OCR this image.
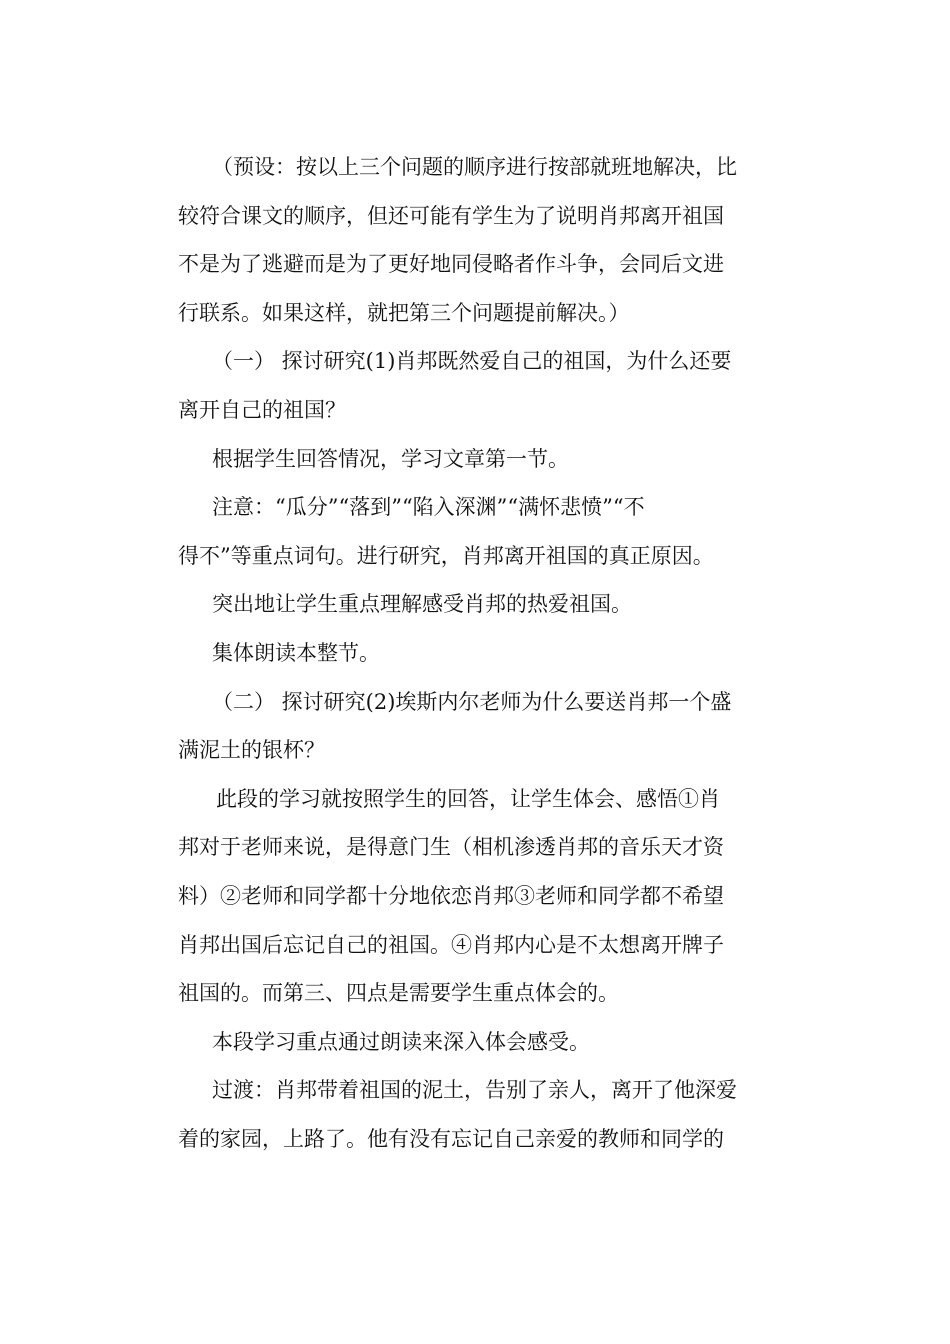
（预设：按以上三个问题的顺序进行按部就班地解决，比
较符合课文的顺序，但还可能有学生为了说明肖邦离开祖国
不是为了逃避而是为了更好地同侵略者作斗争，会同后文进
行联系。如果这样，就把第三个问题提前解决。）
（一） 探讨研究(1)肖邦既然爱自己的祖国，为什么还要
离开自己的祖国？
根据学生回答情况，学习文章第一节。
注意：“瓜分”“落到”“陷入深渊”“满怀悲愤”“不
得不”等重点词句。进行研究，肖邦离开祖国的真正原因。
突出地让学生重点理解感受肖邦的热爱祖国。
集体朗读本整节。
（二） 探讨研究(2)埃斯内尔老师为什么要送肖邦一个盛
满泥土的银杯？
此段的学习就按照学生的回答，让学生体会、感悟①肖
邦对于老师来说，是得意门生（相机渗透肖邦的音乐天才资
料）②老师和同学都十分地依恋肖邦③老师和同学都不希望
肖邦出国后忘记自己的祖国。④肖邦内心是不太想离开牌子
祖国的。而第三、四点是需要学生重点体会的。
本段学习重点通过朗读来深入体会感受。
过渡：肖邦带着祖国的泥土，告别了亲人，离开了他深爱
着的家园，上路了。他有没有忘记自己亲爱的教师和同学的
